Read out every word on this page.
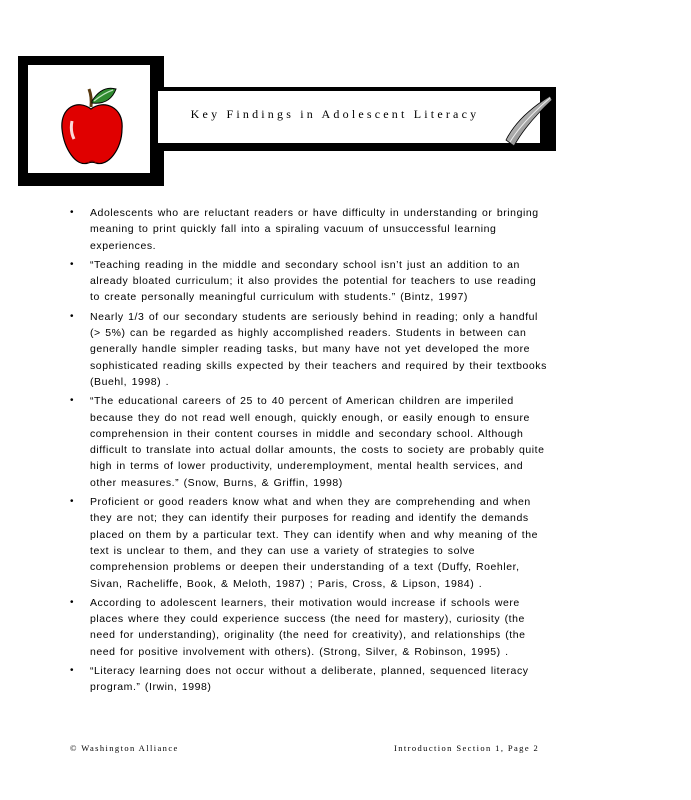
Key Findings in Adolescent Literacy
• Adolescents who are reluctant readers or have difficulty in understanding or bringing meaning to print quickly fall into a spiraling vacuum of unsuccessful learning experiences.
• “Teaching reading in the middle and secondary school isn’t just an addition to an already bloated curriculum; it also provides the potential for teachers to use reading to create personally meaningful curriculum with students.” (Bintz, 1997)
• Nearly 1/3 of our secondary students are seriously behind in reading; only a handful (> 5%) can be regarded as highly accomplished readers. Students in between can generally handle simpler reading tasks, but many have not yet developed the more sophisticated reading skills expected by their teachers and required by their textbooks (Buehl, 1998) .
• “The educational careers of 25 to 40 percent of American children are imperiled because they do not read well enough, quickly enough, or easily enough to ensure comprehension in their content courses in middle and secondary school. Although difficult to translate into actual dollar amounts, the costs to society are probably quite high in terms of lower productivity, underemployment, mental health services, and other measures.” (Snow, Burns, & Griffin, 1998)
• Proficient or good readers know what and when they are comprehending and when they are not; they can identify their purposes for reading and identify the demands placed on them by a particular text. They can identify when and why meaning of the text is unclear to them, and they can use a variety of strategies to solve comprehension problems or deepen their understanding of a text (Duffy, Roehler, Sivan, Racheliffe, Book, & Meloth, 1987) ; Paris, Cross, & Lipson, 1984) .
• According to adolescent learners, their motivation would increase if schools were places where they could experience success (the need for mastery), curiosity (the need for understanding), originality (the need for creativity), and relationships (the need for positive involvement with others). (Strong, Silver, & Robinson, 1995) .
• “Literacy learning does not occur without a deliberate, planned, sequenced literacy program.” (Irwin, 1998)
© Washington Alliance	Introduction Section 1, Page 2
